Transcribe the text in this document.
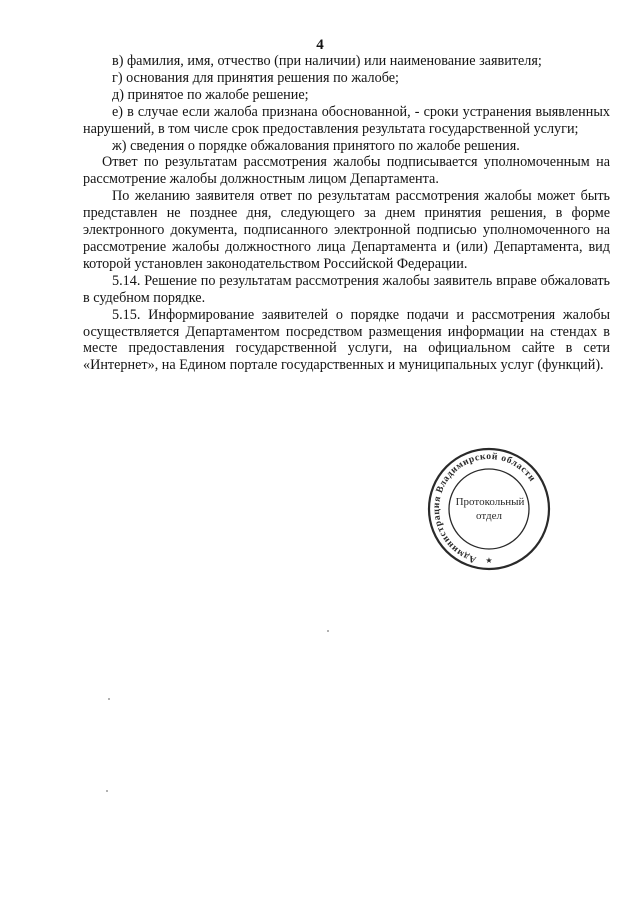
4

в) фамилия, имя, отчество (при наличии) или наименование заявителя;

г) основания для принятия решения по жалобе;

д) принятое по жалобе решение;

е) в случае если жалоба признана обоснованной, - сроки устранения выявленных нарушений, в том числе срок предоставления результата государственной услуги;

ж) сведения о порядке обжалования принятого по жалобе решения.

Ответ по результатам рассмотрения жалобы подписывается уполномоченным на рассмотрение жалобы должностным лицом Департамента.

По желанию заявителя ответ по результатам рассмотрения жалобы может быть представлен не позднее дня, следующего за днем принятия решения, в форме электронного документа, подписанного электронной подписью уполномоченного на рассмотрение жалобы должностного лица Департамента и (или) Департамента, вид которой установлен законодательством Российской Федерации.

5.14. Решение по результатам рассмотрения жалобы заявитель вправе обжаловать в судебном порядке.

5.15. Информирование заявителей о порядке подачи и рассмотрения жалобы осуществляется Департаментом посредством размещения информации на стендах в месте предоставления государственной услуги, на официальном сайте в сети «Интернет», на Едином портале государственных и муниципальных услуг (функций).

Администрация Владимирской области
★
Протокольный
отдел
